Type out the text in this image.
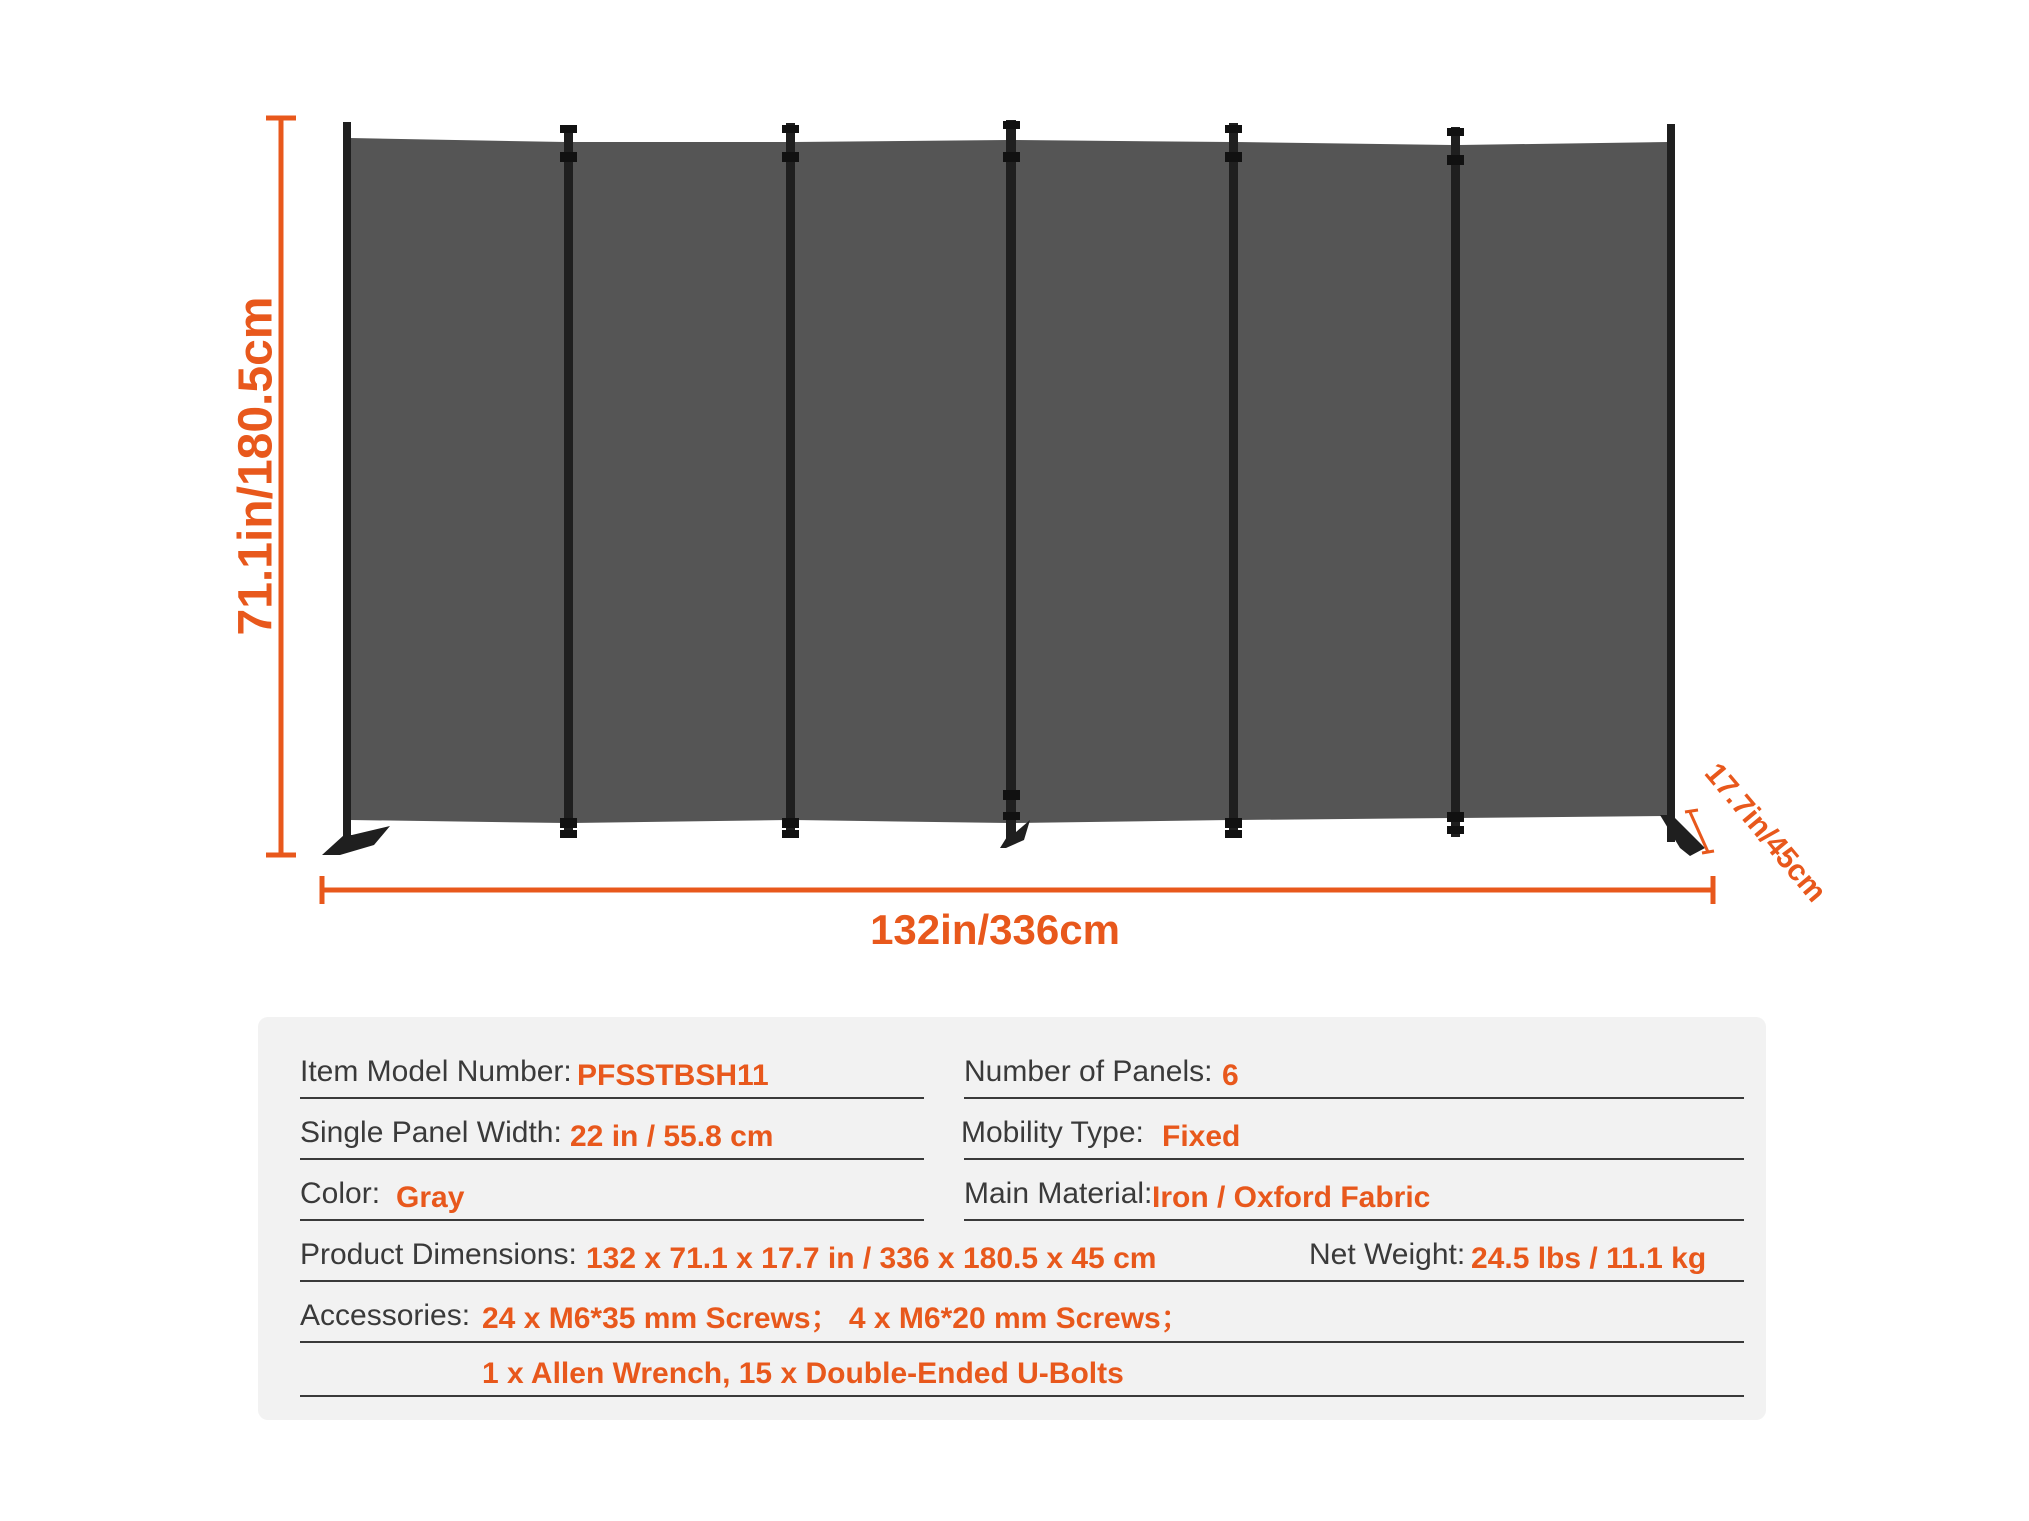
71.1in/180.5cm
132in/336cm
17.7in/45cm
Item Model Number: PFSSTBSH11	Number of Panels: 6
Single Panel Width: 22 in / 55.8 cm	Mobility Type: Fixed
Color: Gray	Main Material: Iron / Oxford Fabric
Product Dimensions: 132 x 71.1 x 17.7 in / 336 x 180.5 x 45 cm	Net Weight: 24.5 lbs / 11.1 kg
Accessories: 24 x M6*35 mm Screws； 4 x M6*20 mm Screws；
1 x Allen Wrench, 15 x Double-Ended U-Bolts
